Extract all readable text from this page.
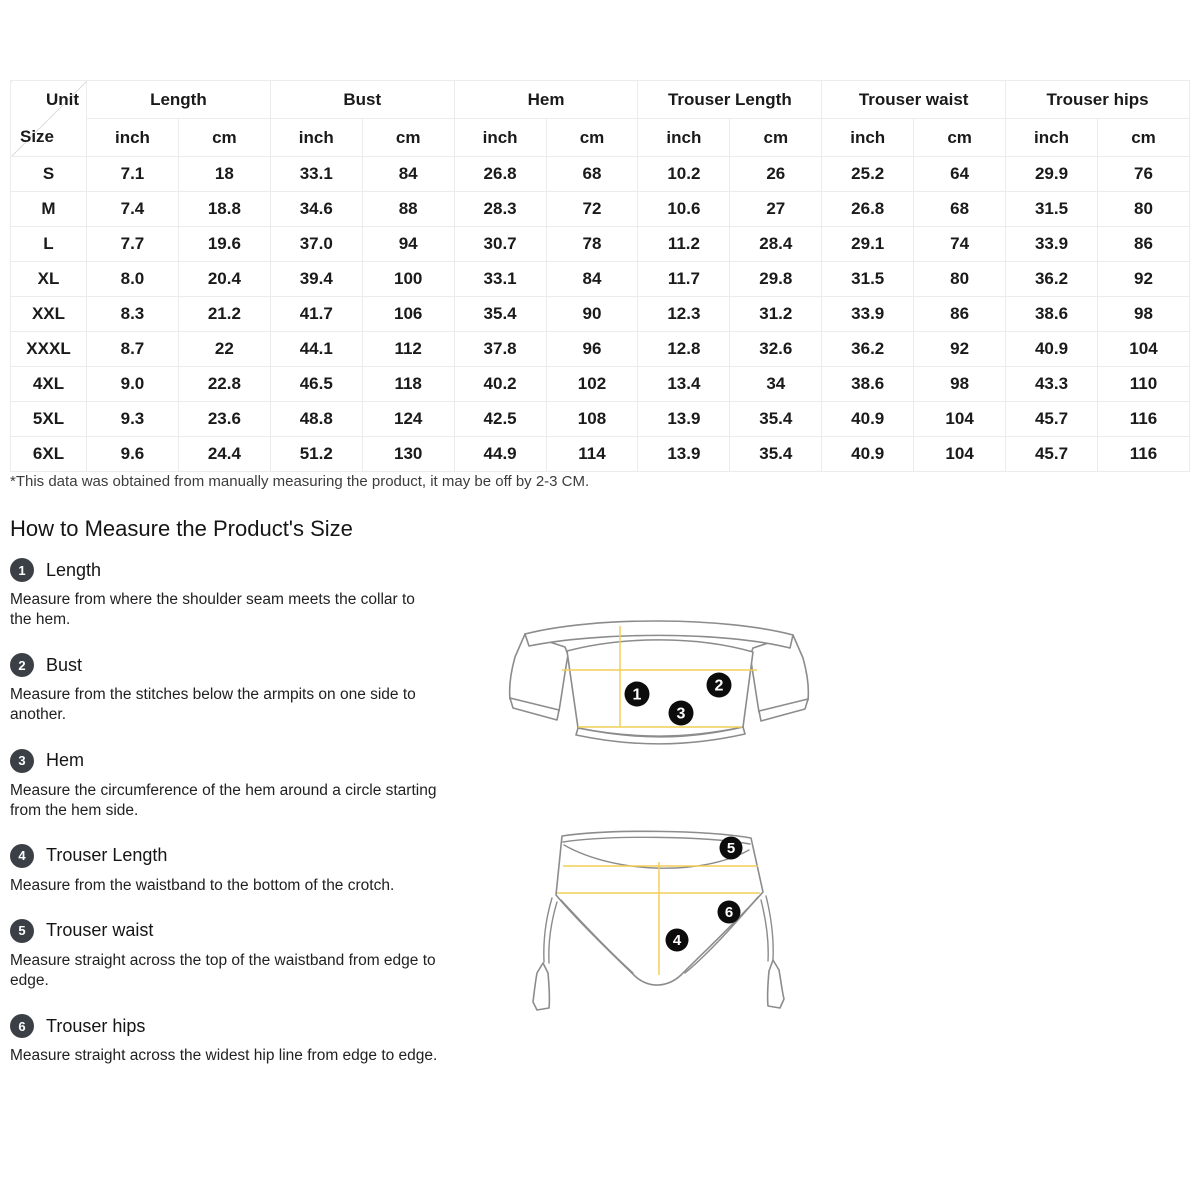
Unit
Size	Length		Bust		Hem		Trouser Length		Trouser waist		Trouser hips	
	inch	cm	inch	cm	inch	cm	inch	cm	inch	cm	inch	cm
S	7.1	18	33.1	84	26.8	68	10.2	26	25.2	64	29.9	76
M	7.4	18.8	34.6	88	28.3	72	10.6	27	26.8	68	31.5	80
L	7.7	19.6	37.0	94	30.7	78	11.2	28.4	29.1	74	33.9	86
XL	8.0	20.4	39.4	100	33.1	84	11.7	29.8	31.5	80	36.2	92
XXL	8.3	21.2	41.7	106	35.4	90	12.3	31.2	33.9	86	38.6	98
XXXL	8.7	22	44.1	112	37.8	96	12.8	32.6	36.2	92	40.9	104
4XL	9.0	22.8	46.5	118	40.2	102	13.4	34	38.6	98	43.3	110
5XL	9.3	23.6	48.8	124	42.5	108	13.9	35.4	40.9	104	45.7	116
6XL	9.6	24.4	51.2	130	44.9	114	13.9	35.4	40.9	104	45.7	116
*This data was obtained from manually measuring the product, it may be off by 2-3 CM.
How to Measure the Product's Size
1	Length

Measure from where the shoulder seam meets the collar to the hem.

2	Bust

Measure from the stitches below the armpits on one side to another.

3	Hem

Measure the circumference of the hem around a circle starting from the hem side.

4	Trouser Length

Measure from the waistband to the bottom of the crotch.

5	Trouser waist

Measure straight across the top of the waistband from edge to edge.

6	Trouser hips

Measure straight across the widest hip line from edge to edge.

1
2
3
4
5
6
